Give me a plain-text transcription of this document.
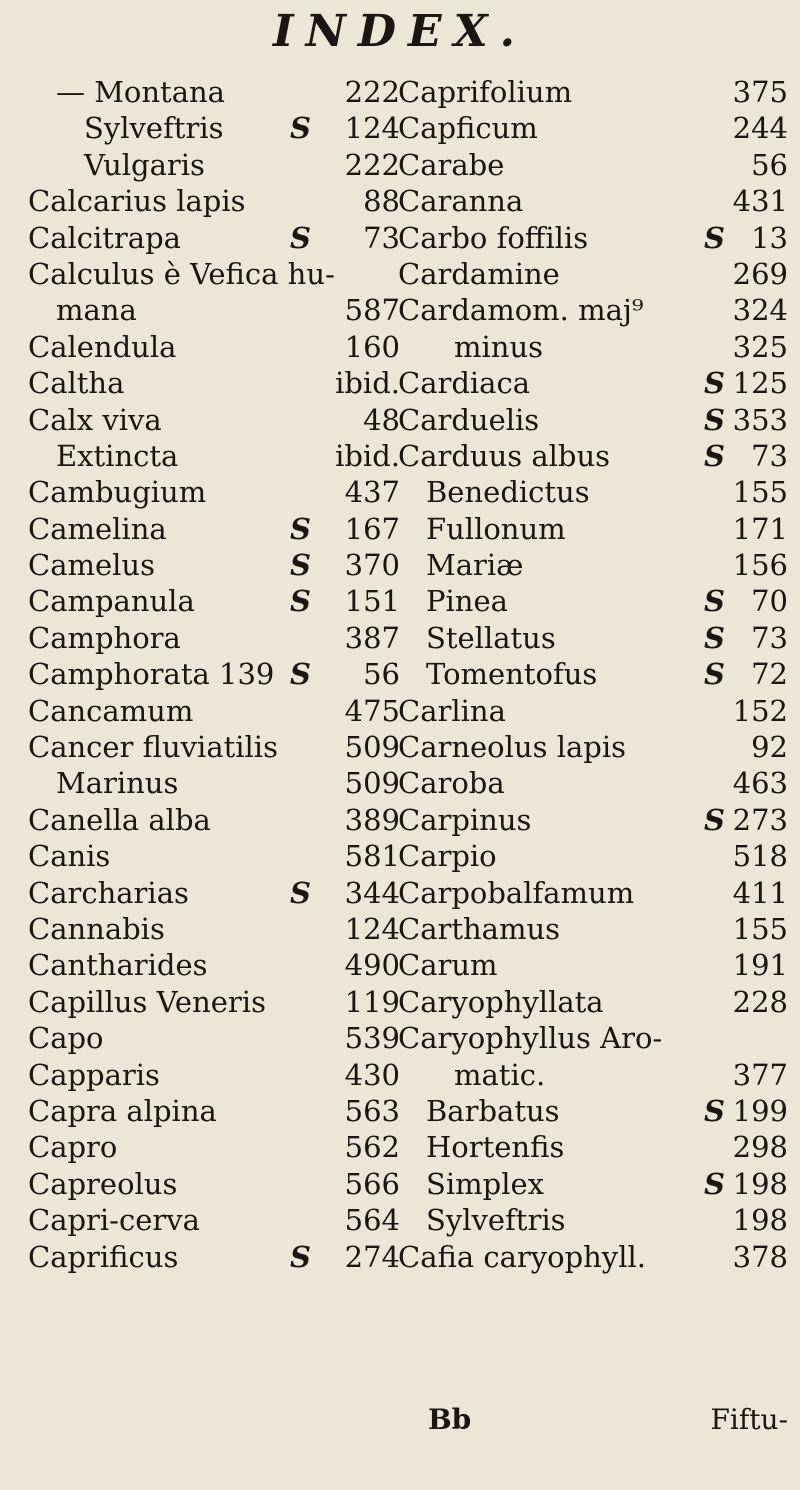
INDEX.
— Montana	222
Sylveftris S 124
Vulgaris	222
Calcarius lapis	88
Calcitrapa	S 73
Calculus è Vefica hu-
mana	587
Calendula	160
Caltha	ibid.
Calx viva	48
Extincta	ibid.
Cambugium	437
Camelina	S 167
Camelus	S 370
Campanula	S 151
Camphora	387
Camphorata 139 S 56
Cancamum	475
Cancer fluviatilis 509
Marinus	509
Canella alba	389
Canis	581
Carcharias	S 344
Cannabis	124
Cantharides	490
Capillus Veneris	119
Capo	539
Capparis	430
Capra alpina	563
Capro	562
Capreolus	566
Capri-cerva	564
Caprificus	S 274
Caprifolium	375
Capficum	244
Carabe	56
Caranna	431
Carbo foffilis	S 13
Cardamine	269
Cardamom. maj⁹	324
minus	325
Cardiaca	S 125
Carduelis	S 353
Carduus albus	S 73
Benedictus	155
Fullonum	171
Mariæ	156
Pinea	S 70
Stellatus	S 73
Tomentofus	S 72
Carlina	152
Carneolus lapis	92
Caroba	463
Carpinus	S 273
Carpio	518
Carpobalfamum	411
Carthamus	155
Carum	191
Caryophyllata	228
Caryophyllus Aro-
matic.	377
Barbatus	S 199
Hortenfis	298
Simplex	S 198
Sylveftris	198
Cafia caryophyll.	378
Bb	Fiftu-
